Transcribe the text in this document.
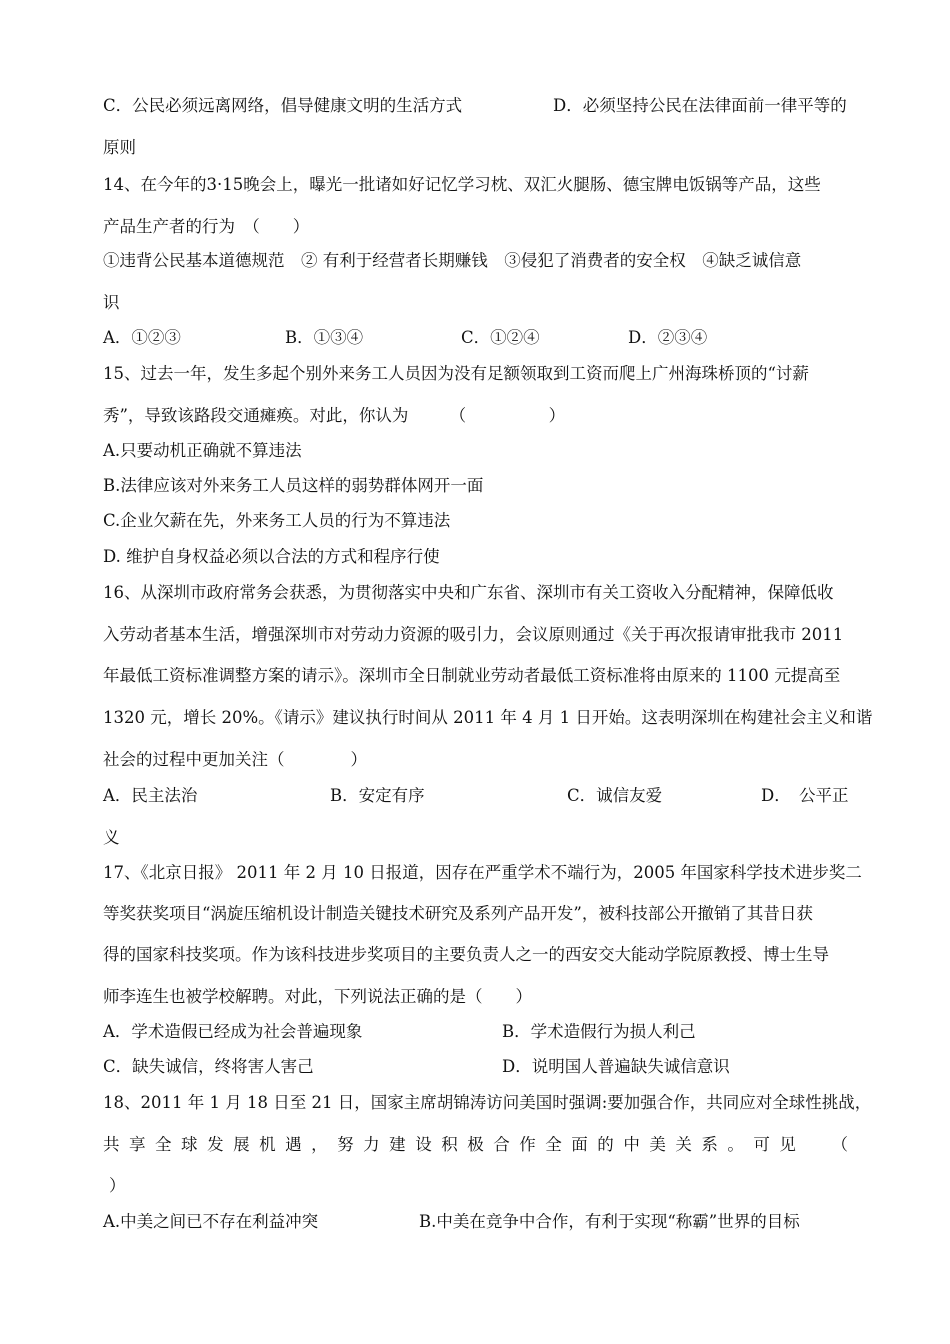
C．公民必须远离网络，倡导健康文明的生活方式	D．必须坚持公民在法律面前一律平等的
原则
14、在今年的3·15晚会上，曝光一批诸如好记忆学习枕、双汇火腿肠、德宝牌电饭锅等产品，这些
产品生产者的行为　（　　）
①违背公民基本道德规范　② 有利于经营者长期赚钱　③侵犯了消费者的安全权　④缺乏诚信意
识
A．①②③	B．①③④	C．①②④	D．②③④
15、过去一年，发生多起个别外来务工人员因为没有足额领取到工资而爬上广州海珠桥顶的“讨薪
秀”，导致该路段交通瘫痪。对此，你认为　　　（　　　　　）
A.只要动机正确就不算违法
B.法律应该对外来务工人员这样的弱势群体网开一面
C.企业欠薪在先，外来务工人员的行为不算违法
D. 维护自身权益必须以合法的方式和程序行使
16、从深圳市政府常务会获悉，为贯彻落实中央和广东省、深圳市有关工资收入分配精神，保障低收
入劳动者基本生活，增强深圳市对劳动力资源的吸引力，会议原则通过《关于再次报请审批我市 2011
年最低工资标准调整方案的请示》。深圳市全日制就业劳动者最低工资标准将由原来的 1100 元提高至
1320 元，增长 20%。《请示》建议执行时间从 2011 年 4 月 1 日开始。这表明深圳在构建社会主义和谐
社会的过程中更加关注（　　　　）
A．民主法治	B．安定有序	C．诚信友爱	D．　公平正
义
17、《北京日报》 2011 年 2 月 10 日报道，因存在严重学术不端行为，2005 年国家科学技术进步奖二
等奖获奖项目“涡旋压缩机设计制造关键技术研究及系列产品开发”，被科技部公开撤销了其昔日获
得的国家科技奖项。作为该科技进步奖项目的主要负责人之一的西安交大能动学院原教授、博士生导
师李连生也被学校解聘。对此，下列说法正确的是（　　）
A．学术造假已经成为社会普遍现象	B．学术造假行为损人利己
C．缺失诚信，终将害人害己	D．说明国人普遍缺失诚信意识
18、2011 年 1 月 18 日至 21 日，国家主席胡锦涛访问美国时强调:要加强合作，共同应对全球性挑战，
共 享 全 球 发 展 机 遇 ， 努 力 建 设 积 极 合 作 全 面 的 中 美 关 系 。 可 见
　 （
）
A.中美之间已不存在利益冲突	B.中美在竞争中合作，有利于实现“称霸”世界的目标
